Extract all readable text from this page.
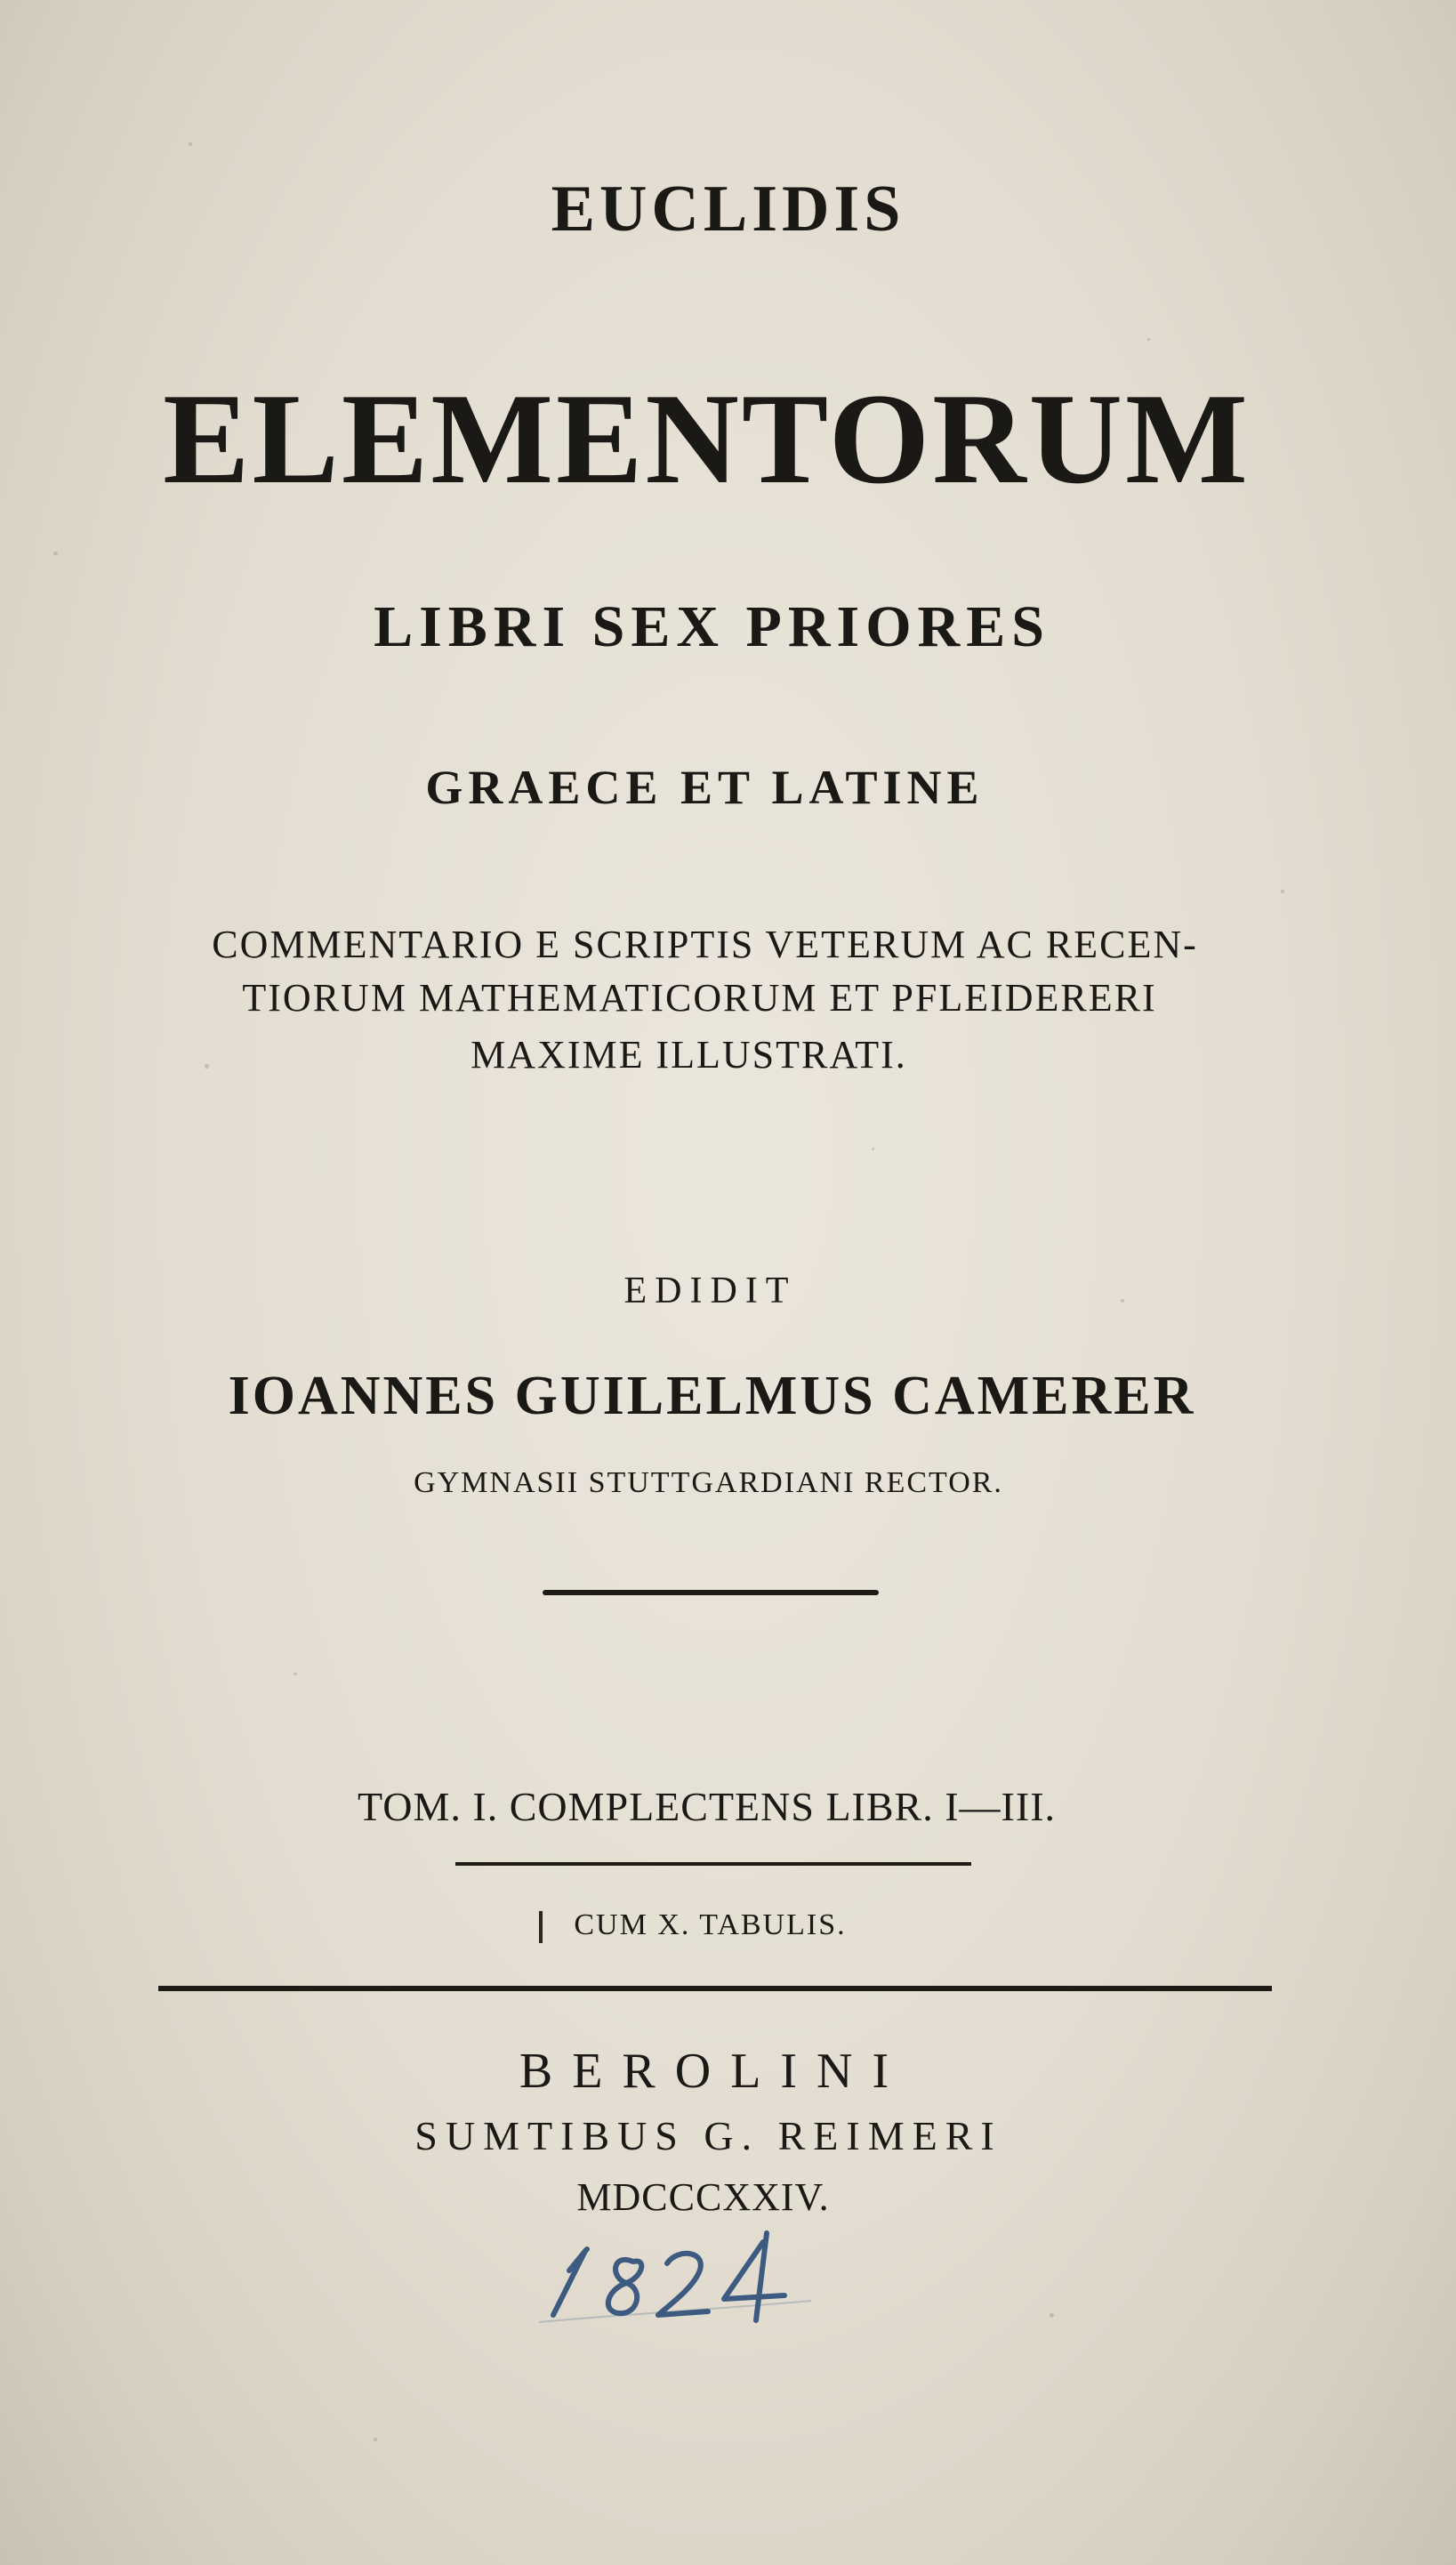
EUCLIDIS
ELEMENTORUM
LIBRI SEX PRIORES
GRAECE ET LATINE
COMMENTARIO E SCRIPTIS VETERUM AC RECEN-
TIORUM MATHEMATICORUM ET PFLEIDERERI
MAXIME ILLUSTRATI.
EDIDIT
IOANNES GUILELMUS CAMERER
GYMNASII STUTTGARDIANI RECTOR.
TOM. I. COMPLECTENS LIBR. I—III.
CUM X. TABULIS.
BEROLINI
SUMTIBUS G. REIMERI
MDCCCXXIV.
